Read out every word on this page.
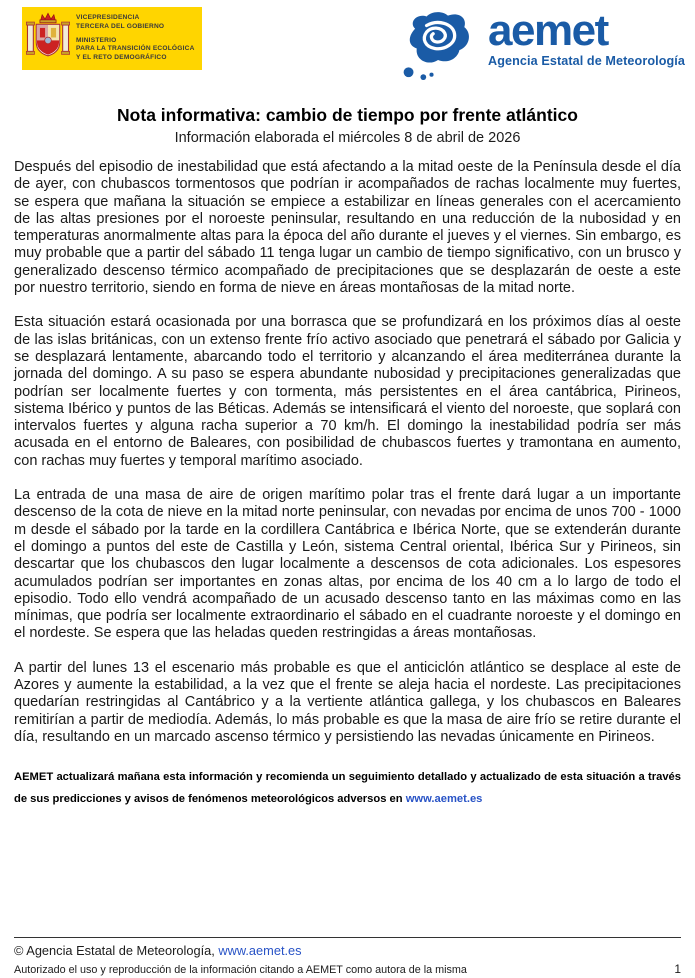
VICEPRESIDENCIA
TERCERA DEL GOBIERNO
MINISTERIO
PARA LA TRANSICIÓN ECOLÓGICA
Y EL RETO DEMOGRÁFICO
aemet
Agencia Estatal de Meteorología
Nota informativa: cambio de tiempo por frente atlántico
Información elaborada el miércoles 8 de abril de 2026

Después del episodio de inestabilidad que está afectando a la mitad oeste de la Península desde el día de ayer, con chubascos tormentosos que podrían ir acompañados de rachas localmente muy fuertes, se espera que mañana la situación se empiece a estabilizar en líneas generales con el acercamiento de las altas presiones por el noroeste peninsular, resultando en una reducción de la nubosidad y en temperaturas anormalmente altas para la época del año durante el jueves y el viernes. Sin embargo, es muy probable que a partir del sábado 11 tenga lugar un cambio de tiempo significativo, con un brusco y generalizado descenso térmico acompañado de precipitaciones que se desplazarán de oeste a este por nuestro territorio, siendo en forma de nieve en áreas montañosas de la mitad norte.

Esta situación estará ocasionada por una borrasca que se profundizará en los próximos días al oeste de las islas británicas, con un extenso frente frío activo asociado que penetrará el sábado por Galicia y se desplazará lentamente, abarcando todo el territorio y alcanzando el área mediterránea durante la jornada del domingo. A su paso se espera abundante nubosidad y precipitaciones generalizadas que podrían ser localmente fuertes y con tormenta, más persistentes en el área cantábrica, Pirineos, sistema Ibérico y puntos de las Béticas. Además se intensificará el viento del noroeste, que soplará con intervalos fuertes y alguna racha superior a 70 km/h. El domingo la inestabilidad podría ser más acusada en el entorno de Baleares, con posibilidad de chubascos fuertes y tramontana en aumento, con rachas muy fuertes y temporal marítimo asociado.

La entrada de una masa de aire de origen marítimo polar tras el frente dará lugar a un importante descenso de la cota de nieve en la mitad norte peninsular, con nevadas por encima de unos 700 - 1000 m desde el sábado por la tarde en la cordillera Cantábrica e Ibérica Norte, que se extenderán durante el domingo a puntos del este de Castilla y León, sistema Central oriental, Ibérica Sur y Pirineos, sin descartar que los chubascos den lugar localmente a descensos de cota adicionales. Los espesores acumulados podrían ser importantes en zonas altas, por encima de los 40 cm a lo largo de todo el episodio. Todo ello vendrá acompañado de un acusado descenso tanto en las máximas como en las mínimas, que podría ser localmente extraordinario el sábado en el cuadrante noroeste y el domingo en el nordeste. Se espera que las heladas queden restringidas a áreas montañosas.

A partir del lunes 13 el escenario más probable es que el anticiclón atlántico se desplace al este de Azores y aumente la estabilidad, a la vez que el frente se aleja hacia el nordeste. Las precipitaciones quedarían restringidas al Cantábrico y a la vertiente atlántica gallega, y los chubascos en Baleares remitirían a partir de mediodía. Además, lo más probable es que la masa de aire frío se retire durante el día, resultando en un marcado ascenso térmico y persistiendo las nevadas únicamente en Pirineos.

AEMET actualizará mañana esta información y recomienda un seguimiento detallado y actualizado de esta situación a través de sus predicciones y avisos de fenómenos meteorológicos adversos en www.aemet.es
© Agencia Estatal de Meteorología, www.aemet.es
Autorizado el uso y reproducción de la información citando a AEMET como autora de la misma	1
